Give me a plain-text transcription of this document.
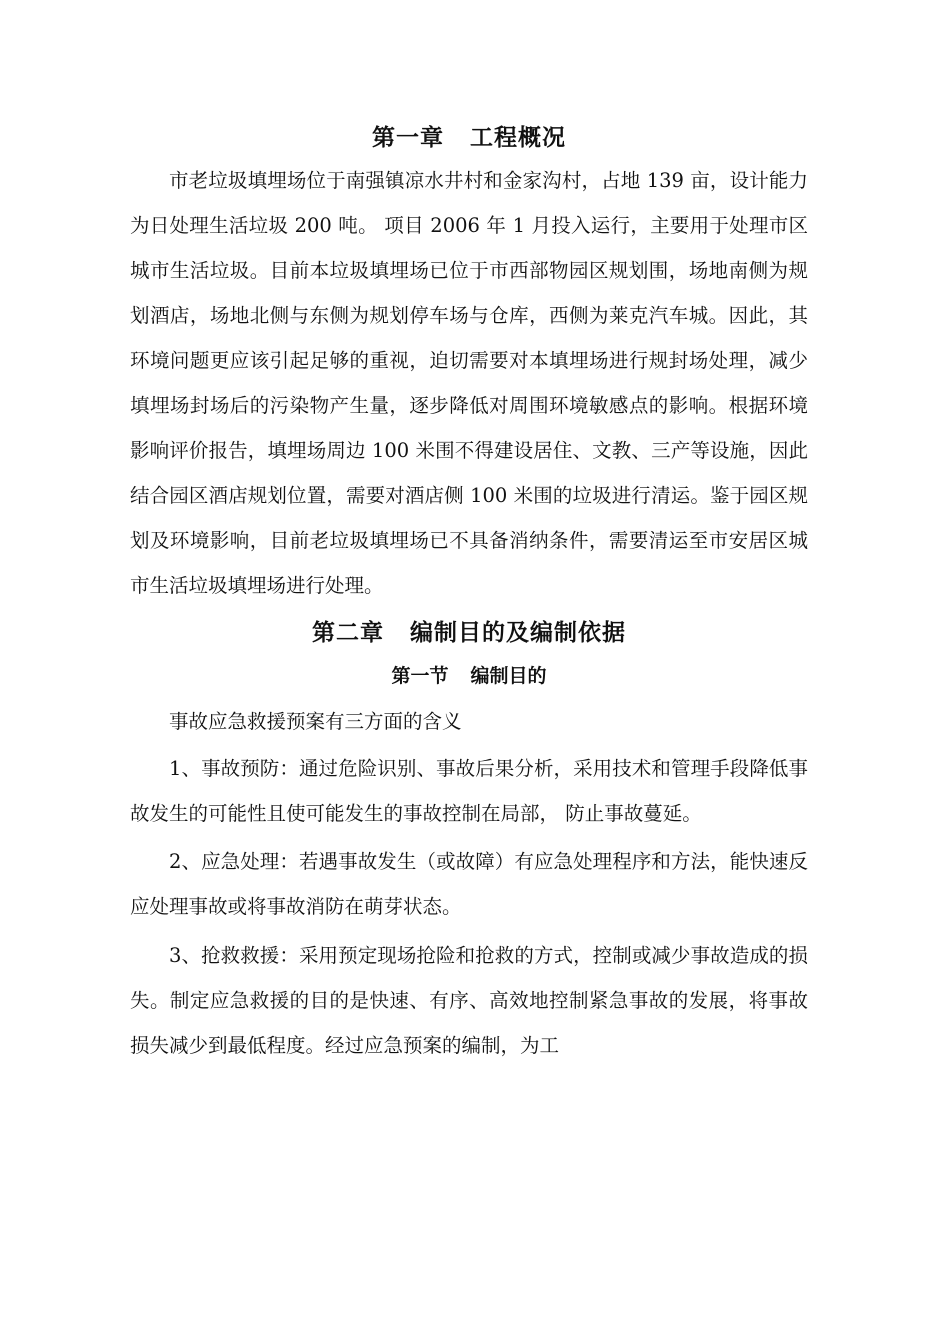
第一章 工程概况

市老垃圾填埋场位于南强镇凉水井村和金家沟村，占地 139 亩，设计能力为日处理生活垃圾 200 吨。 项目 2006 年 1 月投入运行，主要用于处理市区城市生活垃圾。目前本垃圾填埋场已位于市西部物园区规划围，场地南侧为规划酒店，场地北侧与东侧为规划停车场与仓库，西侧为莱克汽车城。因此，其环境问题更应该引起足够的重视，迫切需要对本填埋场进行规封场处理，减少填埋场封场后的污染物产生量，逐步降低对周围环境敏感点的影响。根据环境影响评价报告，填埋场周边 100 米围不得建设居住、文教、三产等设施，因此结合园区酒店规划位置，需要对酒店侧 100 米围的垃圾进行清运。鉴于园区规划及环境影响，目前老垃圾填埋场已不具备消纳条件，需要清运至市安居区城市生活垃圾填埋场进行处理。

第二章 编制目的及编制依据
第一节 编制目的

事故应急救援预案有三方面的含义

1、事故预防：通过危险识别、事故后果分析，采用技术和管理手段降低事故发生的可能性且使可能发生的事故控制在局部， 防止事故蔓延。

2、应急处理：若遇事故发生（或故障）有应急处理程序和方法，能快速反应处理事故或将事故消防在萌芽状态。

3、抢救救援：采用预定现场抢险和抢救的方式，控制或减少事故造成的损失。制定应急救援的目的是快速、有序、高效地控制紧急事故的发展，将事故损失减少到最低程度。经过应急预案的编制，为工
